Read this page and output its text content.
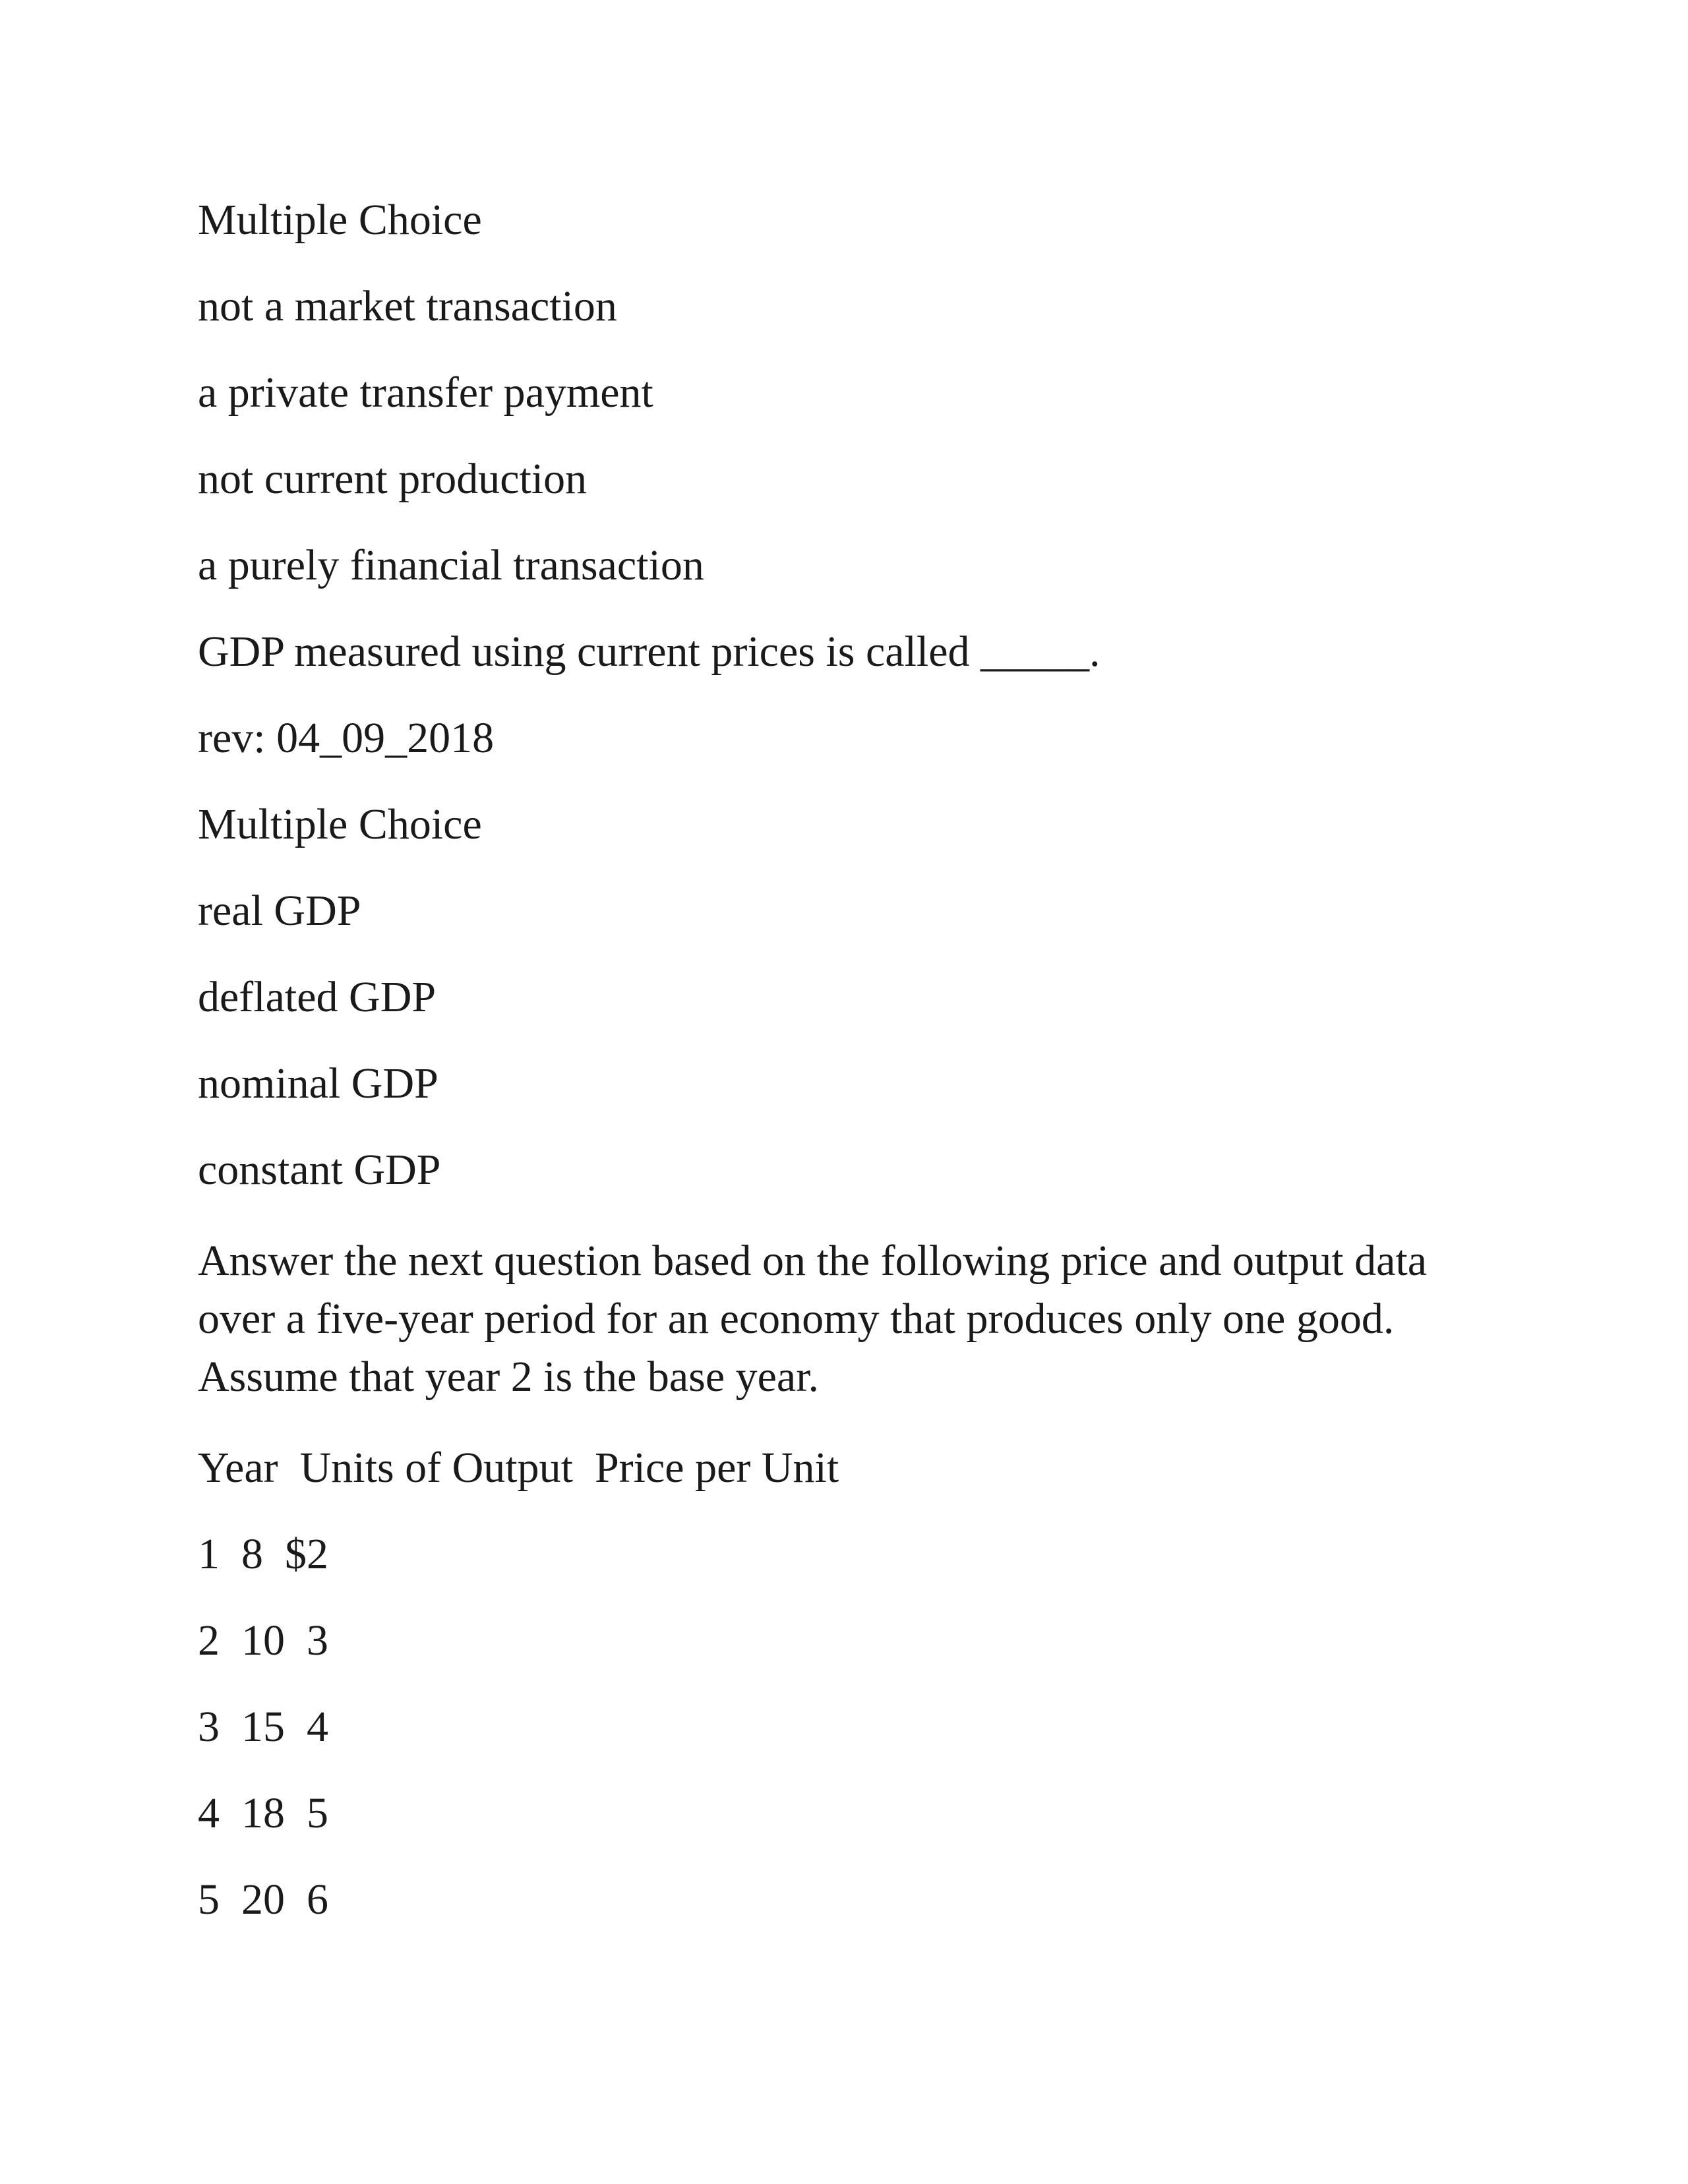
Multiple Choice
not a market transaction
a private transfer payment
not current production
a purely financial transaction
GDP measured using current prices is called _____.
rev: 04_09_2018
Multiple Choice
real GDP
deflated GDP
nominal GDP
constant GDP
Answer the next question based on the following price and output data
over a five-year period for an economy that produces only one good.
Assume that year 2 is the base year.
Year Units of Output Price per Unit
1 8 $2
2 10 3
3 15 4
4 18 5
5 20 6
